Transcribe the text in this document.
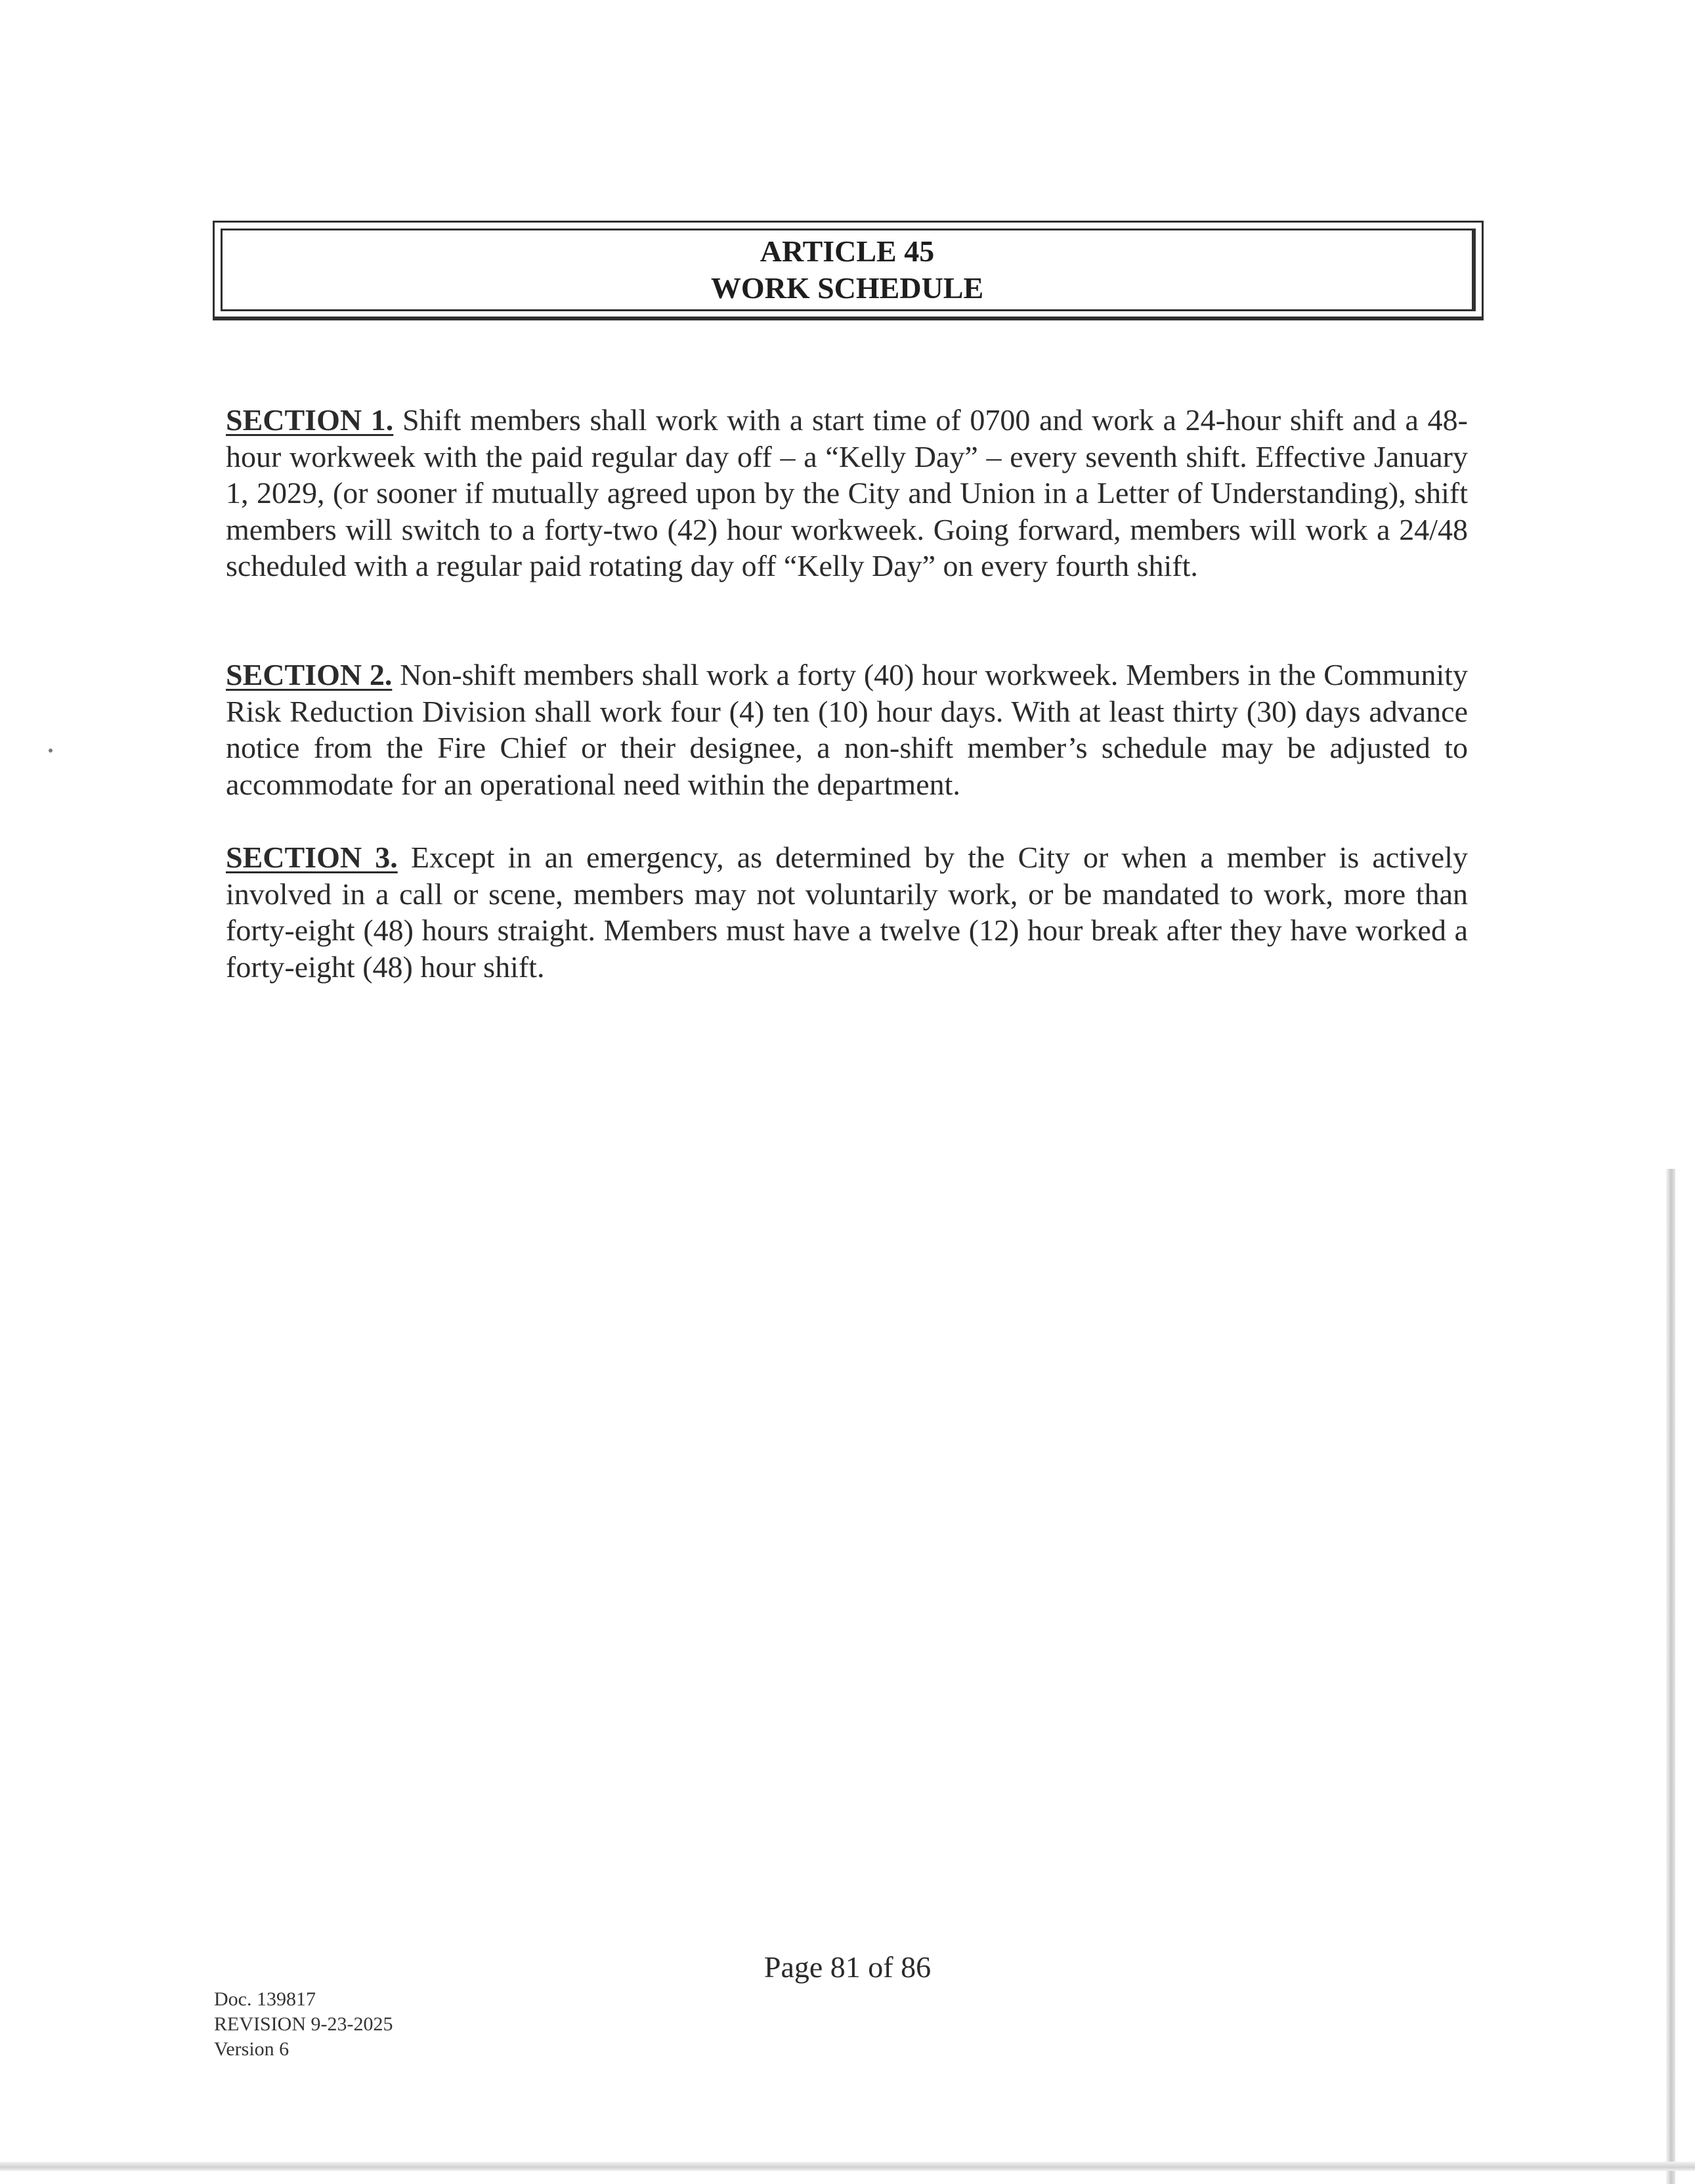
ARTICLE 45
WORK SCHEDULE
SECTION 1. Shift members shall work with a start time of 0700 and work a 24-hour shift and a 48-hour workweek with the paid regular day off – a “Kelly Day” – every seventh shift. Effective January 1, 2029, (or sooner if mutually agreed upon by the City and Union in a Letter of Understanding), shift members will switch to a forty-two (42) hour workweek. Going forward, members will work a 24/48 scheduled with a regular paid rotating day off “Kelly Day” on every fourth shift.
SECTION 2. Non-shift members shall work a forty (40) hour workweek. Members in the Community Risk Reduction Division shall work four (4) ten (10) hour days. With at least thirty (30) days advance notice from the Fire Chief or their designee, a non-shift member’s schedule may be adjusted to accommodate for an operational need within the department.
SECTION 3. Except in an emergency, as determined by the City or when a member is actively involved in a call or scene, members may not voluntarily work, or be mandated to work, more than forty-eight (48) hours straight. Members must have a twelve (12) hour break after they have worked a forty-eight (48) hour shift.
Page 81 of 86
Doc. 139817
REVISION 9-23-2025
Version 6
